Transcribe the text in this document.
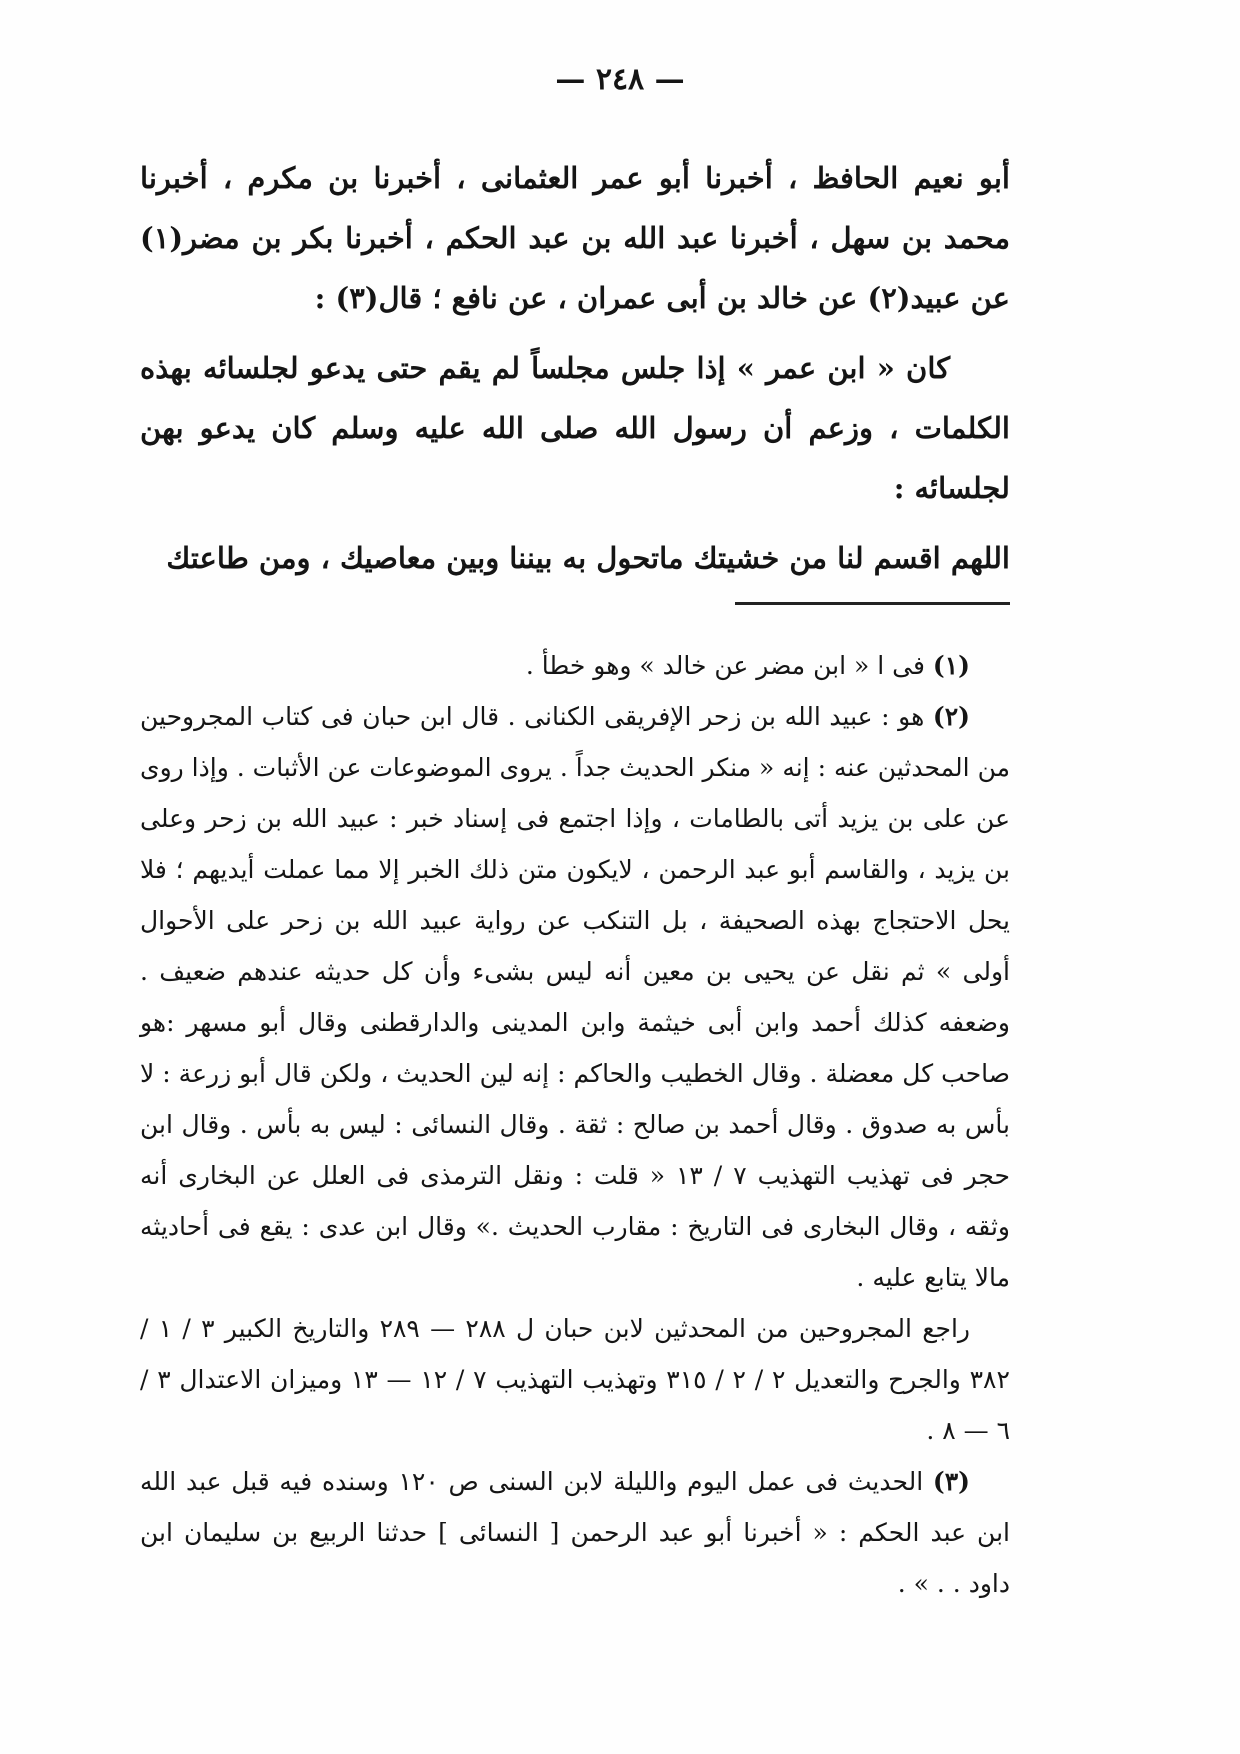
— ٢٤٨ —

أبو نعيم الحافظ ، أخبرنا أبو عمر العثمانى ، أخبرنا بن مكرم ، أخبرنا محمد بن سهل ، أخبرنا عبد الله بن عبد الحكم ، أخبرنا بكر بن مضر(١) عن عبيد(٢) عن خالد بن أبى عمران ، عن نافع ؛ قال(٣) :

كان « ابن عمر » إذا جلس مجلساً لم يقم حتى يدعو لجلسائه بهذه الكلمات ، وزعم أن رسول الله صلى الله عليه وسلم كان يدعو بهن لجلسائه :

اللهم اقسم لنا من خشيتك ماتحول به بيننا وبين معاصيك ، ومن طاعتك

(١) فى ا « ابن مضر عن خالد » وهو خطأ .

(٢) هو : عبيد الله بن زحر الإفريقى الكنانى . قال ابن حبان فى كتاب المجروحين من المحدثين عنه : إنه « منكر الحديث جداً . يروى الموضوعات عن الأثبات . وإذا روى عن على بن يزيد أتى بالطامات ، وإذا اجتمع فى إسناد خبر : عبيد الله بن زحر وعلى بن يزيد ، والقاسم أبو عبد الرحمن ، لايكون متن ذلك الخبر إلا مما عملت أيديهم ؛ فلا يحل الاحتجاج بهذه الصحيفة ، بل التنكب عن رواية عبيد الله بن زحر على الأحوال أولى » ثم نقل عن يحيى بن معين أنه ليس بشىء وأن كل حديثه عندهم ضعيف . وضعفه كذلك أحمد وابن أبى خيثمة وابن المدينى والدارقطنى وقال أبو مسهر :هو صاحب كل معضلة . وقال الخطيب والحاكم : إنه لين الحديث ، ولكن قال أبو زرعة : لا بأس به صدوق . وقال أحمد بن صالح : ثقة . وقال النسائى : ليس به بأس . وقال ابن حجر فى تهذيب التهذيب ٧ / ١٣ « قلت : ونقل الترمذى فى العلل عن البخارى أنه وثقه ، وقال البخارى فى التاريخ : مقارب الحديث .» وقال ابن عدى : يقع فى أحاديثه مالا يتابع عليه .

راجع المجروحين من المحدثين لابن حبان ل ٢٨٨ — ٢٨٩ والتاريخ الكبير ٣ / ١ / ٣٨٢ والجرح والتعديل ٢ / ٢ / ٣١٥ وتهذيب التهذيب ٧ / ١٢ — ١٣ وميزان الاعتدال ٣ / ٦ — ٨ .

(٣) الحديث فى عمل اليوم والليلة لابن السنى ص ١٢٠ وسنده فيه قبل عبد الله ابن عبد الحكم : « أخبرنا أبو عبد الرحمن [ النسائى ] حدثنا الربيع بن سليمان ابن داود . . » .
